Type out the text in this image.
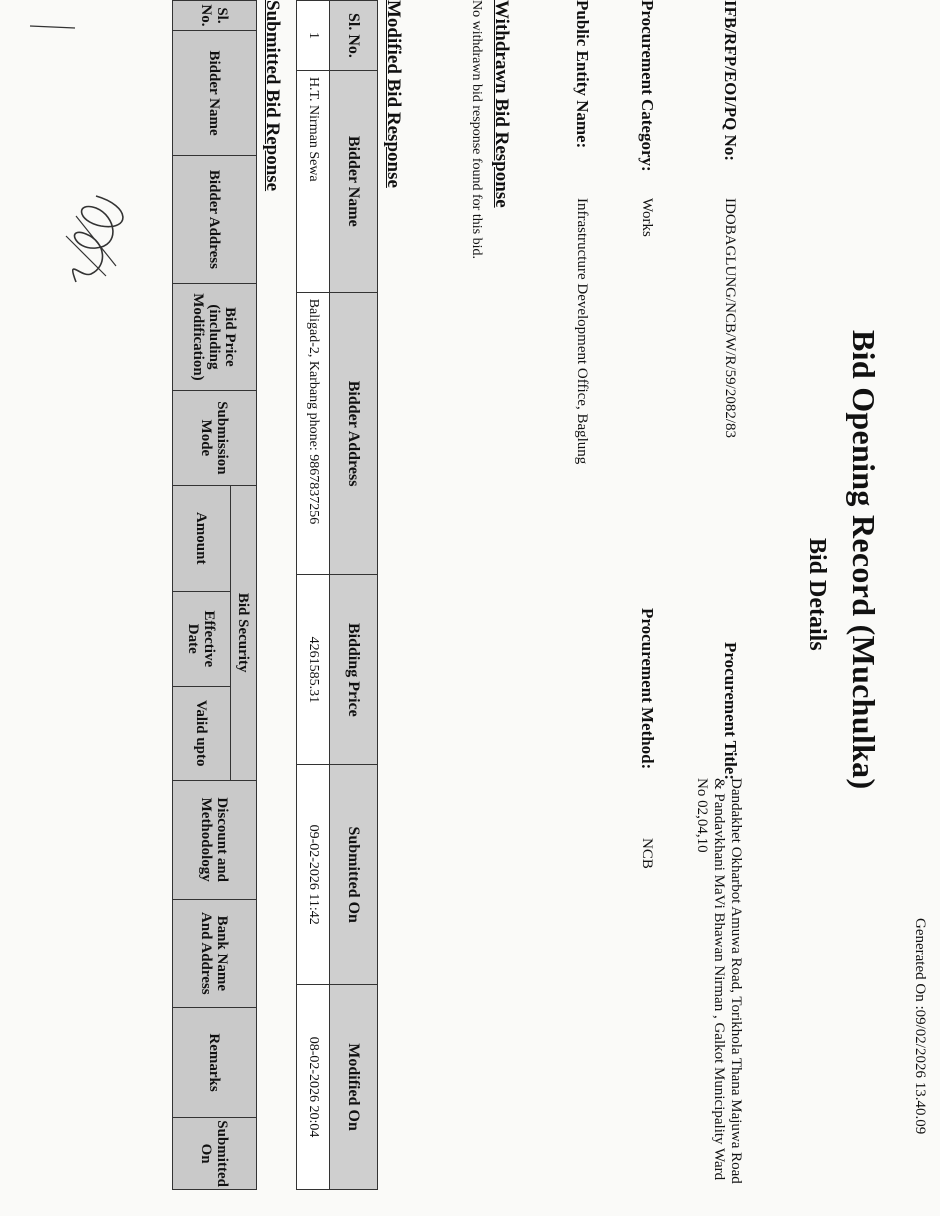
Generated On :09/02/2026 13.40.09
Bid Opening Record (Muchulka)
Bid Details
IFB/RFP/EOI/PQ No:
IDOBAGLUNG/NCB/W/R/59/2082/83
Procurement Title:
Dandakhet Okharbot Amuwa Road, Torikhola Thana Majuwa Road & Pandavkhani MaVi Bhawan Nirman , Galkot Municipality Ward No 02,04,10
Procurement Category:
Works
Procurement Method:
NCB
Public Entity Name:
Infrastructure Development Office, Baglung
Withdrawn Bid Response
No withdrawn bid response found for this bid.
Modified Bid Response
Sl. No.	Bidder Name	Bidder Address	Bidding Price	Submitted On	Modified On
1	H.T. Nirman Sewa	Baligad-2, Karbang phone: 9867837256	4261585.31	09-02-2026 11:42	08-02-2026 20:04
Submitted Bid Reponse
Sl. No.	Bidder Name	Bidder Address	Bid Price (including Modification)	Submission Mode	Bid Security			Discount and Methodology	Bank Name And Address	Remarks	Submitted On
					Amount	Effective Date	Valid upto				
